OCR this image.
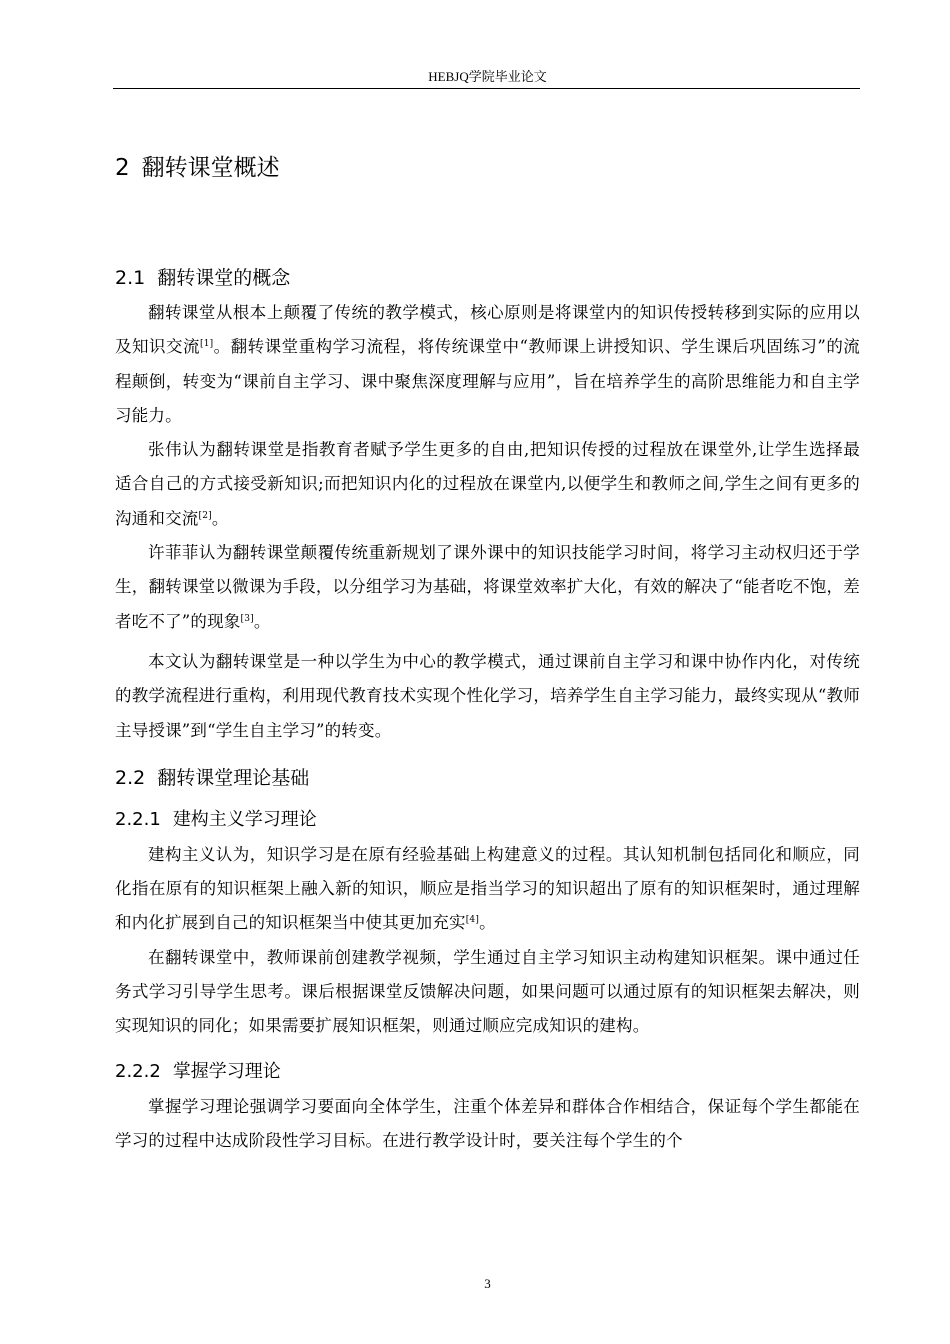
HEBJQ学院毕业论文
2 翻转课堂概述
2.1 翻转课堂的概念

翻转课堂从根本上颠覆了传统的教学模式，核心原则是将课堂内的知识传授转移到实际的应用以及知识交流[1]。翻转课堂重构学习流程，将传统课堂中“教师课上讲授知识、学生课后巩固练习”的流程颠倒，转变为“课前自主学习、课中聚焦深度理解与应用”，旨在培养学生的高阶思维能力和自主学习能力。

张伟认为翻转课堂是指教育者赋予学生更多的自由,把知识传授的过程放在课堂外,让学生选择最适合自己的方式接受新知识;而把知识内化的过程放在课堂内,以便学生和教师之间,学生之间有更多的沟通和交流[2]。

许菲菲认为翻转课堂颠覆传统重新规划了课外课中的知识技能学习时间，将学习主动权归还于学生，翻转课堂以微课为手段，以分组学习为基础，将课堂效率扩大化，有效的解决了“能者吃不饱，差者吃不了”的现象[3]。

本文认为翻转课堂是一种以学生为中心的教学模式，通过课前自主学习和课中协作内化，对传统的教学流程进行重构，利用现代教育技术实现个性化学习，培养学生自主学习能力，最终实现从“教师主导授课”到“学生自主学习”的转变。

2.2 翻转课堂理论基础
2.2.1 建构主义学习理论

建构主义认为，知识学习是在原有经验基础上构建意义的过程。其认知机制包括同化和顺应，同化指在原有的知识框架上融入新的知识，顺应是指当学习的知识超出了原有的知识框架时，通过理解和内化扩展到自己的知识框架当中使其更加充实[4]。

在翻转课堂中，教师课前创建教学视频，学生通过自主学习知识主动构建知识框架。课中通过任务式学习引导学生思考。课后根据课堂反馈解决问题，如果问题可以通过原有的知识框架去解决，则实现知识的同化；如果需要扩展知识框架，则通过顺应完成知识的建构。

2.2.2 掌握学习理论

掌握学习理论强调学习要面向全体学生，注重个体差异和群体合作相结合，保证每个学生都能在学习的过程中达成阶段性学习目标。在进行教学设计时，要关注每个学生的个

3
